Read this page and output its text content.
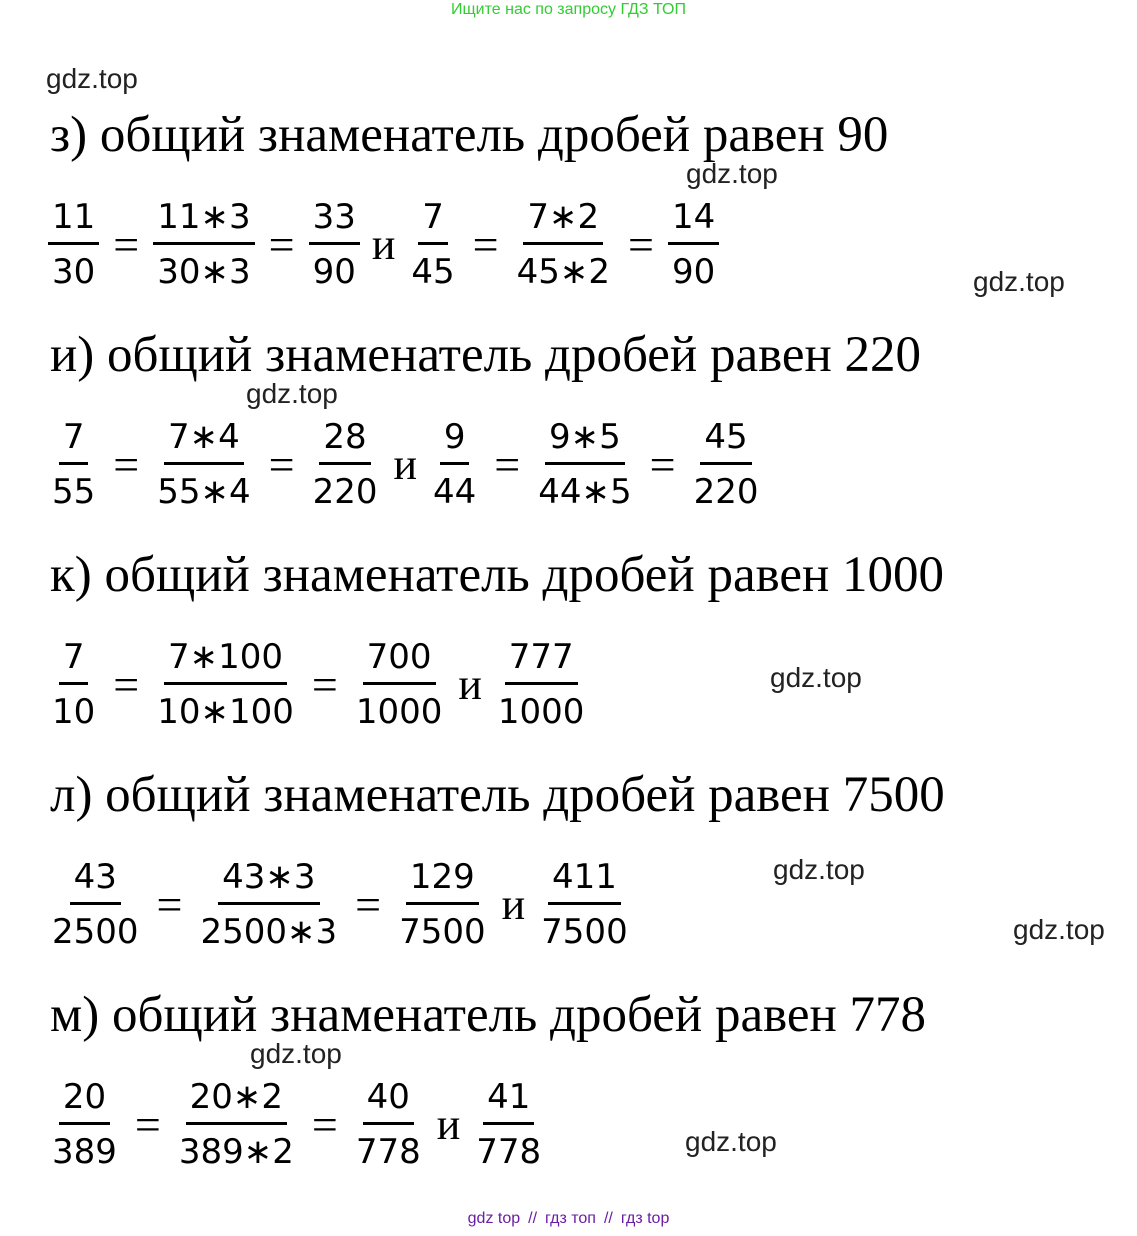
Ищите нас по запросу ГДЗ ТОП
gdz.top
gdz.top
gdz.top
gdz.top
gdz.top
gdz.top
gdz.top
gdz.top
gdz.top
з) общий знаменатель дробей равен 90
$\frac{11}{30} = \frac{11∗3}{30∗3} = \frac{33}{90}$ и $\frac{7}{45} = \frac{7∗2}{45∗2} = \frac{14}{90}$
и) общий знаменатель дробей равен 220
$\frac{7}{55} = \frac{7∗4}{55∗4} = \frac{28}{220}$ и $\frac{9}{44} = \frac{9∗5}{44∗5} = \frac{45}{220}$
к) общий знаменатель дробей равен 1000
$\frac{7}{10} = \frac{7∗100}{10∗100} = \frac{700}{1000}$ и $\frac{777}{1000}$
л) общий знаменатель дробей равен 7500
$\frac{43}{2500} = \frac{43∗3}{2500∗3} = \frac{129}{7500}$ и $\frac{411}{7500}$
м) общий знаменатель дробей равен 778
$\frac{20}{389} = \frac{20∗2}{389∗2} = \frac{40}{778}$ и $\frac{41}{778}$
gdz top // гдз топ // гдз top
